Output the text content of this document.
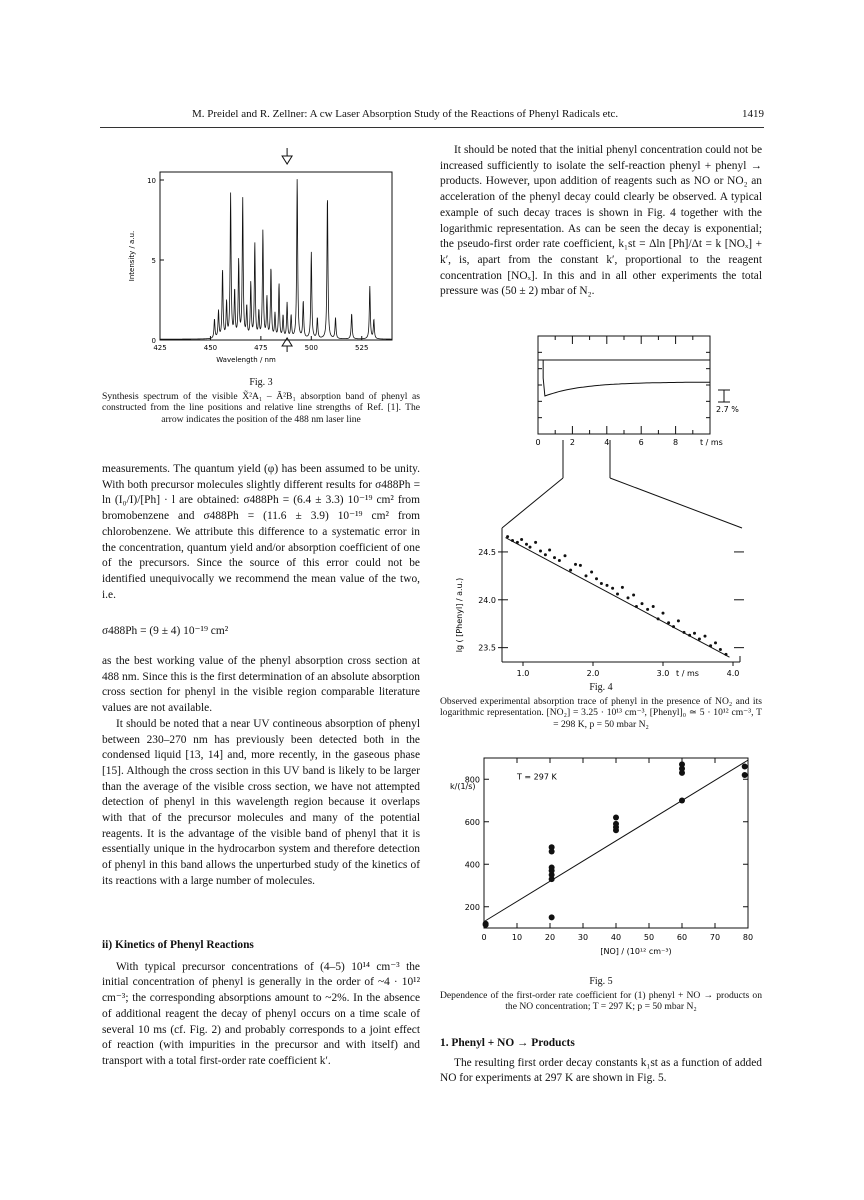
M. Preidel and R. Zellner: A cw Laser Absorption Study of the Reactions of Phenyl Radicals etc.	1419
425	450	475	500	525
0
5
10
Wavelength / nm
Intensity / a.u.
Fig. 3
Synthesis spectrum of the visible X̃²A₁ – Ã²B₁ absorption band of phenyl as constructed from the line positions and relative line strengths of Ref. [1]. The arrow indicates the position of the 488 nm laser line

measurements. The quantum yield (φ) has been assumed to be unity. With both precursor molecules slightly different results for σ488Ph = ln (I₀/I)/[Ph] · l are obtained: σ488Ph = (6.4 ± 3.3) 10⁻¹⁹ cm² from bromobenzene and σ488Ph = (11.6 ± 3.9) 10⁻¹⁹ cm² from chlorobenzene. We attribute this difference to a systematic error in the concentration, quantum yield and/or absorption coefficient of one of the precursors. Since the source of this error could not be identified unequivocally we recommend the mean value of the two, i.e.

σ488Ph = (9 ± 4) 10⁻¹⁹ cm²

as the best working value of the phenyl absorption cross section at 488 nm. Since this is the first determination of an absolute absorption cross section for phenyl in the visible region comparable literature values are not available.

It should be noted that a near UV contineous absorption of phenyl between 230–270 nm has previously been detected both in the condensed liquid [13, 14] and, more recently, in the gaseous phase [15]. Although the cross section in this UV band is likely to be larger than the average of the visible cross section, we have not attempted detection of phenyl in this wavelength region because it overlaps with that of the precursor molecules and many of the potential reagents. It is the advantage of the visible band of phenyl that it is essentially unique in the hydrocarbon system and therefore detection of phenyl in this band allows the unperturbed study of the kinetics of its reactions with a large number of molecules.

ii) Kinetics of Phenyl Reactions

With typical precursor concentrations of (4–5) 10¹⁴ cm⁻³ the initial concentration of phenyl is generally in the order of ~4 · 10¹² cm⁻³; the corresponding absorptions amount to ~2%. In the absence of additional reagent the decay of phenyl occurs on a time scale of several 10 ms (cf. Fig. 2) and probably corresponds to a joint effect of reaction (with impurities in the precursor and with itself) and transport with a total first-order rate coefficient k′.

It should be noted that the initial phenyl concentration could not be increased sufficiently to isolate the self-reaction phenyl + phenyl → products. However, upon addition of reagents such as NO or NO₂ an acceleration of the phenyl decay could clearly be observed. A typical example of such decay traces is shown in Fig. 4 together with the logarithmic representation. As can be seen the decay is exponential; the pseudo-first order rate coefficient, k₁st = Δln [Ph]/Δt = k [NOₓ] + k′, is, apart from the constant k′, proportional to the reagent concentration [NOₓ]. In this and in all other experiments the total pressure was (50 ± 2) mbar of N₂.

0	2	4	6	8	t / ms
2.7 %
23.5
24.0
24.5
1.0	2.0	3.0	4.0
t / ms
lg ( [Phenyl] / a.u.)
Fig. 4
Observed experimental absorption trace of phenyl in the presence of NO₂ and its logarithmic representation. [NO₂] = 3.25 · 10¹³ cm⁻³, [Phenyl]₀ ≃ 5 · 10¹² cm⁻³, T = 298 K, p = 50 mbar N₂
0	10	20	30	40	50	60	70	80
200
400
600
800
k/(1/s)
[NO] / (10¹² cm⁻³)
T = 297 K
Fig. 5
Dependence of the first-order rate coefficient for (1) phenyl + NO → products on the NO concentration; T = 297 K; p = 50 mbar N₂

1. Phenyl + NO → Products

The resulting first order decay constants k₁st as a function of added NO for experiments at 297 K are shown in Fig. 5.
